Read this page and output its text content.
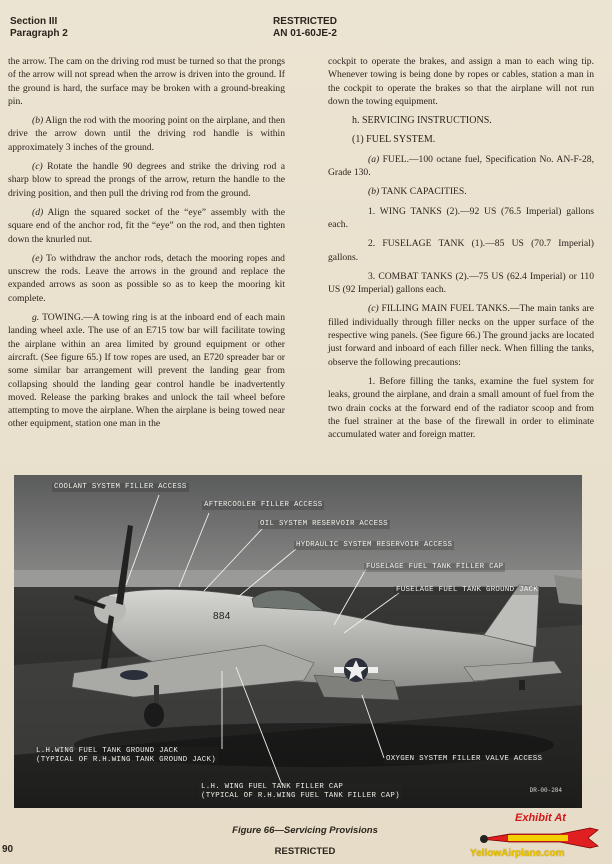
Section III
Paragraph 2
RESTRICTED
AN 01-60JE-2

the arrow. The cam on the driving rod must be turned so that the prongs of the arrow will not spread when the arrow is driven into the ground. If the ground is hard, the surface may be broken with a ground-breaking pin.

(b) Align the rod with the mooring point on the airplane, and then drive the arrow down until the driving rod handle is within approximately 3 inches of the ground.

(c) Rotate the handle 90 degrees and strike the driving rod a sharp blow to spread the prongs of the arrow, return the handle to the driving position, and then pull the driving rod from the ground.

(d) Align the squared socket of the “eye” assembly with the square end of the anchor rod, fit the “eye” on the rod, and then tighten down the knurled nut.

(e) To withdraw the anchor rods, detach the mooring ropes and unscrew the rods. Leave the arrows in the ground and replace the expanded arrows as soon as possible so as to keep the mooring kit complete.

g. TOWING.—A towing ring is at the inboard end of each main landing wheel axle. The use of an E715 tow bar will facilitate towing the airplane within an area limited by ground equipment or other aircraft. (See figure 65.) If tow ropes are used, an E720 spreader bar or some similar bar arrangement will prevent the landing gear from collapsing should the landing gear control handle be inadvertently moved. Release the parking brakes and unlock the tail wheel before attempting to move the airplane. When the airplane is being towed near other equipment, station one man in the

cockpit to operate the brakes, and assign a man to each wing tip. Whenever towing is being done by ropes or cables, station a man in the cockpit to operate the brakes so that the airplane will not run down the towing equipment.

h. SERVICING INSTRUCTIONS.

(1) FUEL SYSTEM.

(a) FUEL.—100 octane fuel, Specification No. AN-F-28, Grade 130.

(b) TANK CAPACITIES.

1. WING TANKS (2).—92 US (76.5 Imperial) gallons each.

2. FUSELAGE TANK (1).—85 US (70.7 Imperial) gallons.

3. COMBAT TANKS (2).—75 US (62.4 Imperial) or 110 US (92 Imperial) gallons each.

(c) FILLING MAIN FUEL TANKS.—The main tanks are filled individually through filler necks on the upper surface of the respective wing panels. (See figure 66.) The ground jacks are located just forward and inboard of each filler neck. When filling the tanks, observe the following precautions:

1. Before filling the tanks, examine the fuel system for leaks, ground the airplane, and drain a small amount of fuel from the two drain cocks at the forward end of the radiator scoop and from the fuel strainer at the base of the firewall in order to eliminate accumulated water and foreign matter.

COOLANT SYSTEM FILLER ACCESS
AFTERCOOLER FILLER ACCESS
OIL SYSTEM RESERVOIR ACCESS
HYDRAULIC SYSTEM RESERVOIR ACCESS
FUSELAGE FUEL TANK FILLER CAP
FUSELAGE FUEL TANK GROUND JACK
884
L.H.WING FUEL TANK GROUND JACK
(TYPICAL OF R.H.WING TANK GROUND JACK)	OXYGEN SYSTEM FILLER VALVE ACCESS
L.H. WING FUEL TANK FILLER CAP
(TYPICAL OF R.H.WING FUEL TANK FILLER CAP)
DR-00-284
Figure 66—Servicing Provisions
90	RESTRICTED
Exhibit At
YellowAirplane.com
